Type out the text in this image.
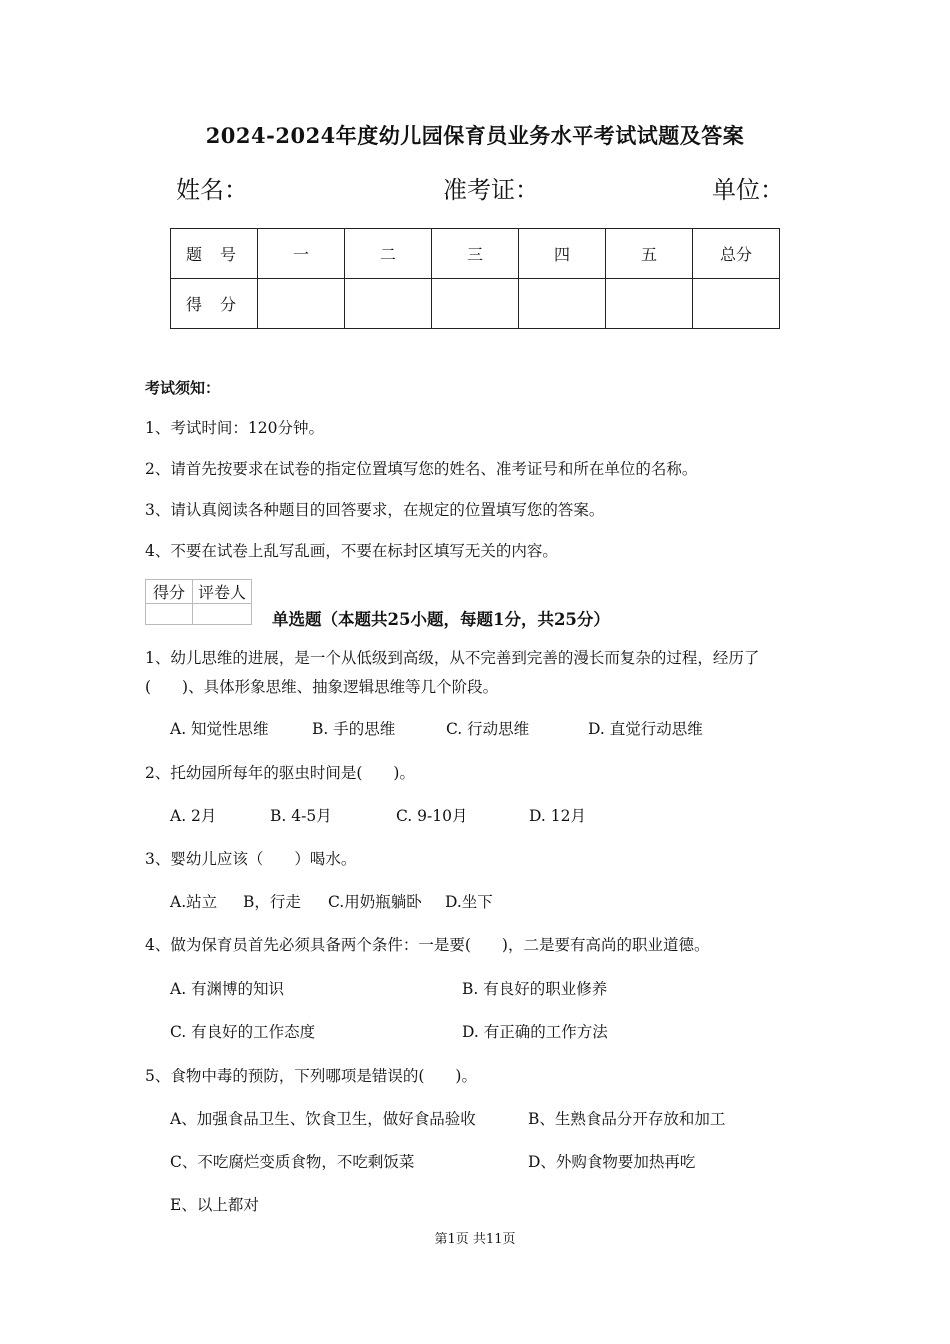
2024-2024年度幼儿园保育员业务水平考试试题及答案
姓名：	准考证：	单位：
题号	一	二	三	四	五	总分
得分						
考试须知：
1、考试时间：120分钟。
2、请首先按要求在试卷的指定位置填写您的姓名、准考证号和所在单位的名称。
3、请认真阅读各种题目的回答要求，在规定的位置填写您的答案。
4、不要在试卷上乱写乱画，不要在标封区填写无关的内容。
得分	评卷人

单选题（本题共25小题，每题1分，共25分）
1、幼儿思维的进展，是一个从低级到高级，从不完善到完善的漫长而复杂的过程，经历了
(　　)、具体形象思维、抽象逻辑思维等几个阶段。
A. 知觉性思维	B. 手的思维	C. 行动思维	D. 直觉行动思维
2、托幼园所每年的驱虫时间是(　　)。
A. 2月	B. 4-5月	C. 9-10月	D. 12月
3、婴幼儿应该（　　）喝水。
A.站立 B，行走 C.用奶瓶躺卧 D.坐下
4、做为保育员首先必须具备两个条件：一是要(　　)，二是要有高尚的职业道德。
A. 有渊博的知识	B. 有良好的职业修养
C. 有良好的工作态度	D. 有正确的工作方法
5、食物中毒的预防，下列哪项是错误的(　　)。
A、加强食品卫生、饮食卫生，做好食品验收	B、生熟食品分开存放和加工
C、不吃腐烂变质食物，不吃剩饭菜	D、外购食物要加热再吃
E、以上都对
第1页 共11页
